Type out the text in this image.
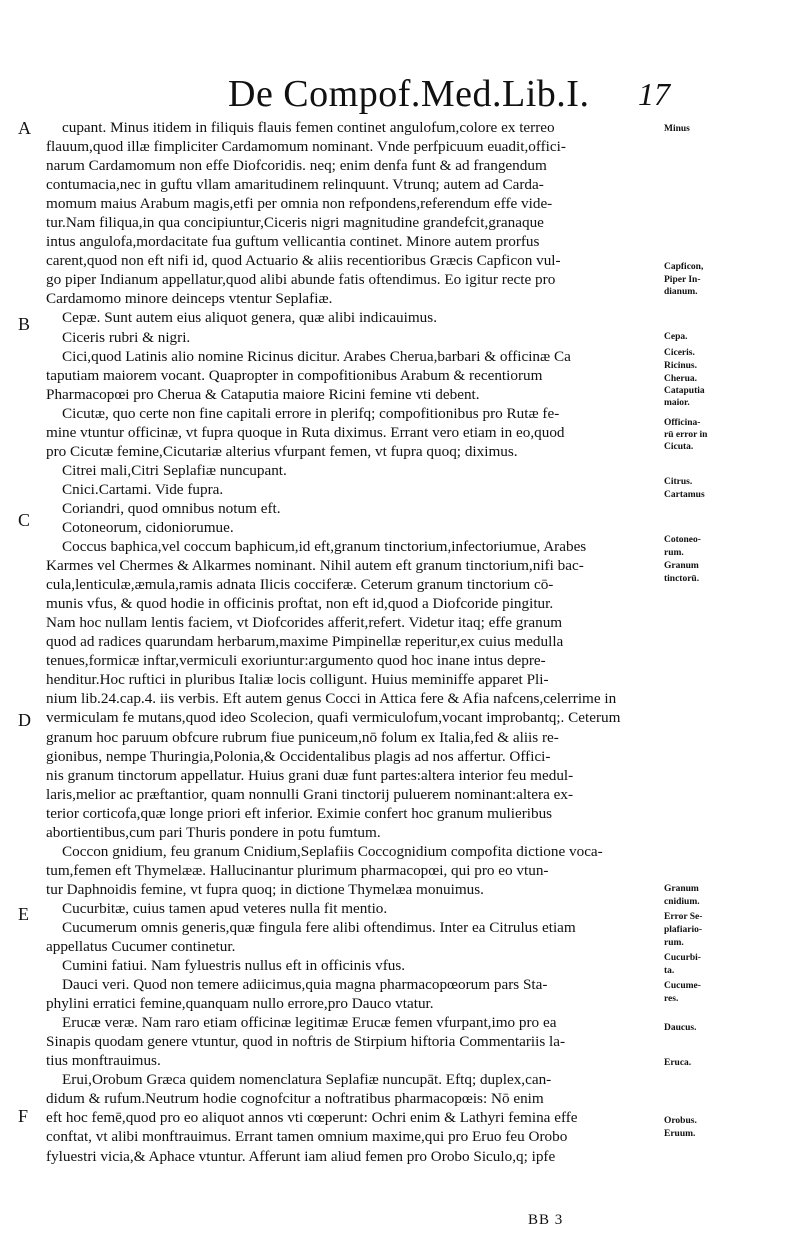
De Compof.Med.Lib.I. 17
A
B
C
D
E
F
Minus
Capficon,
Piper In-
dianum.
Cepa.
Ciceris.
Ricinus.
Cherua.
Cataputia
maior.
Officina-
rū error in
Cicuta.
Citrus.
Cartamus
Cotoneo-
rum.
Granum
tinctorū.
Granum
cnidium.
Error Se-
plafiario-
rum.
Cucurbi-
ta.
Cucume-
res.
Daucus.
Eruca.
Orobus.
Eruum.
cupant. Minus itidem in filiquis flauis femen continet angulofum,colore ex terreo
flauum,quod illæ fimpliciter Cardamomum nominant. Vnde perfpicuum euadit,offici-
narum Cardamomum non effe Diofcoridis. neq; enim denfa funt & ad frangendum
contumacia,nec in guftu vllam amaritudinem relinquunt. Vtrunq; autem ad Carda-
momum maius Arabum magis,etfi per omnia non refpondens,referendum effe vide-
tur.Nam filiqua,in qua concipiuntur,Ciceris nigri magnitudine grandefcit,granaque
intus angulofa,mordacitate fua guftum vellicantia continet. Minore autem prorfus
carent,quod non eft nifi id, quod Actuario & aliis recentioribus Græcis Capficon vul-
go piper Indianum appellatur,quod alibi abunde fatis oftendimus. Eo igitur recte pro
Cardamomo minore deinceps vtentur Seplafiæ.
Cepæ. Sunt autem eius aliquot genera, quæ alibi indicauimus.
Ciceris rubri & nigri.
Cici,quod Latinis alio nomine Ricinus dicitur. Arabes Cherua,barbari & officinæ Ca
taputiam maiorem vocant. Quapropter in compofitionibus Arabum & recentiorum
Pharmacopœi pro Cherua & Cataputia maiore Ricini femine vti debent.
Cicutæ, quo certe non fine capitali errore in plerifq; compofitionibus pro Rutæ fe-
mine vtuntur officinæ, vt fupra quoque in Ruta diximus. Errant vero etiam in eo,quod
pro Cicutæ femine,Cicutariæ alterius vfurpant femen, vt fupra quoq; diximus.
Citrei mali,Citri Seplafiæ nuncupant.
Cnici.Cartami. Vide fupra.
Coriandri, quod omnibus notum eft.
Cotoneorum, cidoniorumue.
Coccus baphica,vel coccum baphicum,id eft,granum tinctorium,infectoriumue, Arabes
Karmes vel Chermes & Alkarmes nominant. Nihil autem eft granum tinctorium,nifi bac-
cula,lenticulæ,æmula,ramis adnata Ilicis cocciferæ. Ceterum granum tinctorium cō-
munis vfus, & quod hodie in officinis proftat, non eft id,quod a Diofcoride pingitur.
Nam hoc nullam lentis faciem, vt Diofcorides afferit,refert. Videtur itaq; effe granum
quod ad radices quarundam herbarum,maxime Pimpinellæ reperitur,ex cuius medulla
tenues,formicæ inftar,vermiculi exoriuntur:argumento quod hoc inane intus depre-
henditur.Hoc ruftici in pluribus Italiæ locis colligunt. Huius meminiffe apparet Pli-
nium lib.24.cap.4. iis verbis. Eft autem genus Cocci in Attica fere & Afia nafcens,celerrime in
vermiculam fe mutans,quod ideo Scolecion, quafi vermiculofum,vocant improbantq;. Ceterum
granum hoc paruum obfcure rubrum fiue puniceum,nō folum ex Italia,fed & aliis re-
gionibus, nempe Thuringia,Polonia,& Occidentalibus plagis ad nos affertur. Offici-
nis granum tinctorum appellatur. Huius grani duæ funt partes:altera interior feu medul-
laris,melior ac præftantior, quam nonnulli Grani tinctorij puluerem nominant:altera ex-
terior corticofa,quæ longe priori eft inferior. Eximie confert hoc granum mulieribus
abortientibus,cum pari Thuris pondere in potu fumtum.
Coccon gnidium, feu granum Cnidium,Seplafiis Coccognidium compofita dictione voca-
tum,femen eft Thymelææ. Hallucinantur plurimum pharmacopœi, qui pro eo vtun-
tur Daphnoidis femine, vt fupra quoq; in dictione Thymelæa monuimus.
Cucurbitæ, cuius tamen apud veteres nulla fit mentio.
Cucumerum omnis generis,quæ fingula fere alibi oftendimus. Inter ea Citrulus etiam
appellatus Cucumer continetur.
Cumini fatiui. Nam fyluestris nullus eft in officinis vfus.
Dauci veri. Quod non temere adiicimus,quia magna pharmacopœorum pars Sta-
phylini erratici femine,quanquam nullo errore,pro Dauco vtatur.
Erucæ veræ. Nam raro etiam officinæ legitimæ Erucæ femen vfurpant,imo pro ea
Sinapis quodam genere vtuntur, quod in noftris de Stirpium hiftoria Commentariis la-
tius monftrauimus.
Erui,Orobum Græca quidem nomenclatura Seplafiæ nuncupāt. Eftq; duplex,can-
didum & rufum.Neutrum hodie cognofcitur a noftratibus pharmacopœis: Nō enim
eft hoc femē,quod pro eo aliquot annos vti cœperunt: Ochri enim & Lathyri femina effe
conftat, vt alibi monftrauimus. Errant tamen omnium maxime,qui pro Eruo feu Orobo
fyluestri vicia,& Aphace vtuntur. Afferunt iam aliud femen pro Orobo Siculo,q; ipfe
BB 3
